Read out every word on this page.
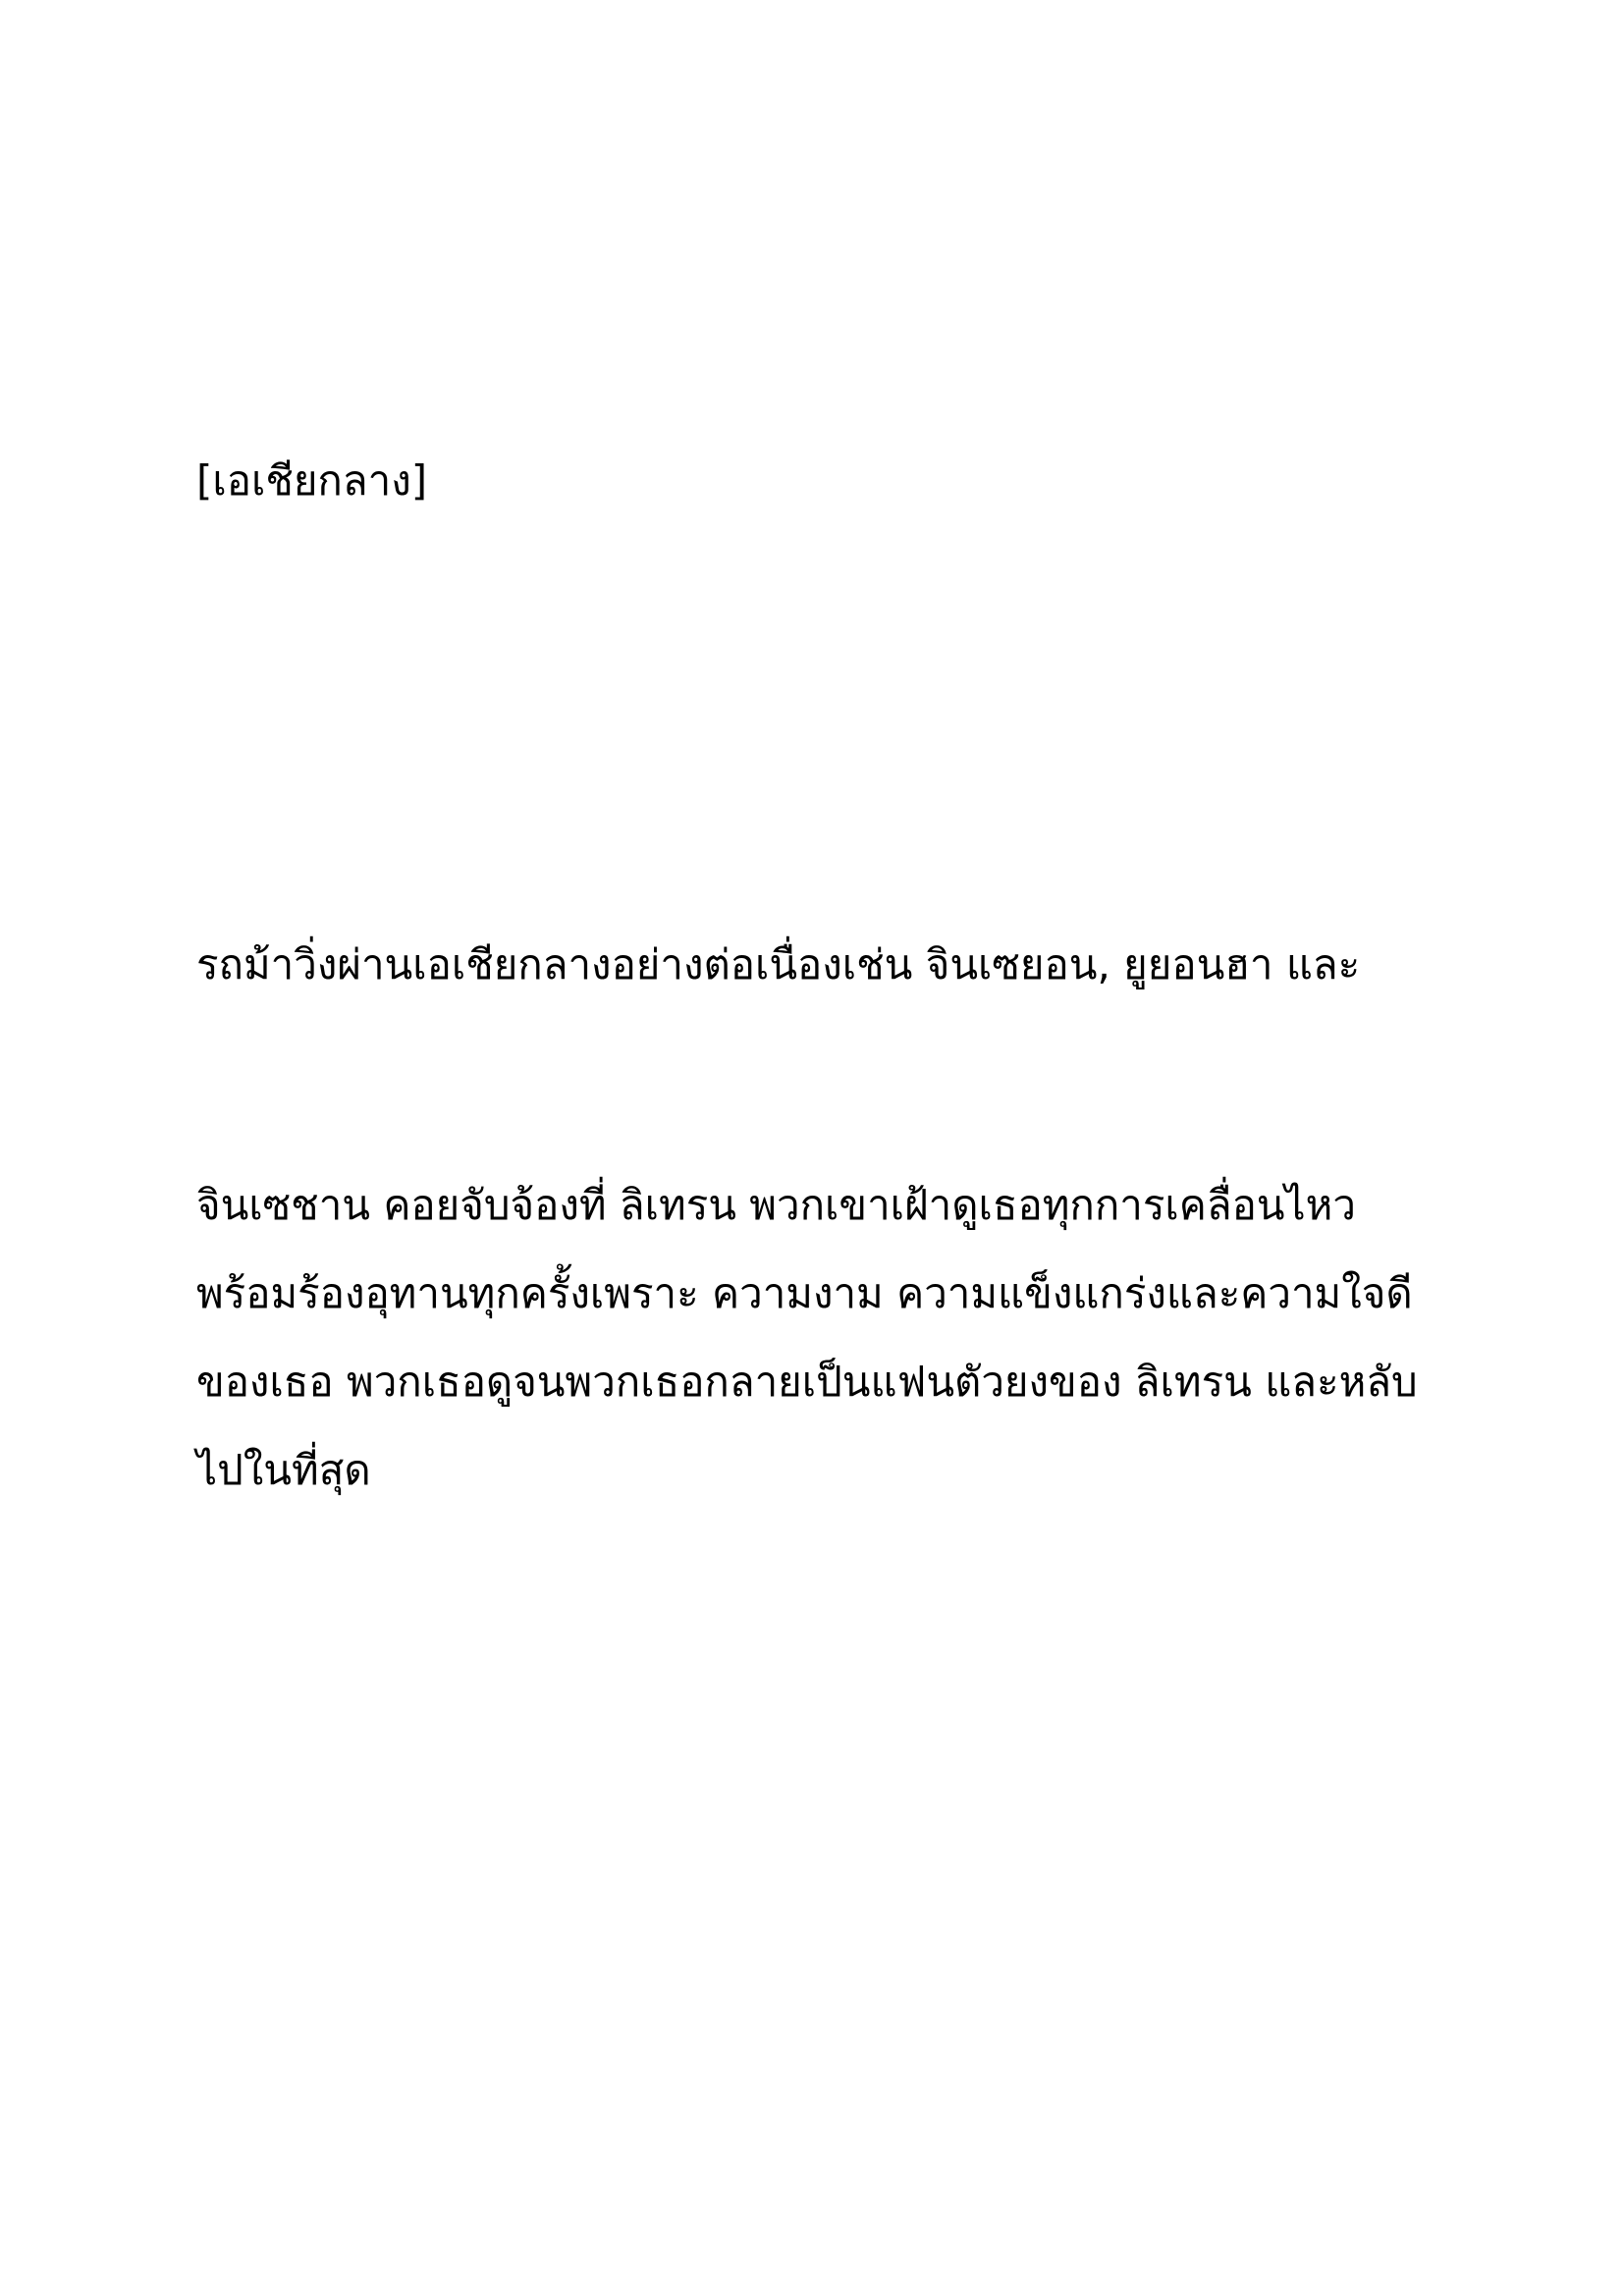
[เอเชียกลาง]

รถม้าวิ่งผ่านเอเชียกลางอย่างต่อเนื่องเช่น จินเซยอน, ยูยอนฮา และ

จินเซชาน คอยจับจ้องที่ ลิเทรน พวกเขาเฝ้าดูเธอทุกการเคลื่อนไหว
พร้อมร้องอุทานทุกครั้งเพราะ ความงาม ความแข็งแกร่งและความใจดี
ของเธอ พวกเธอดูจนพวกเธอกลายเป็นแฟนตัวยงของ ลิเทรน และหลับ
ไปในที่สุด
